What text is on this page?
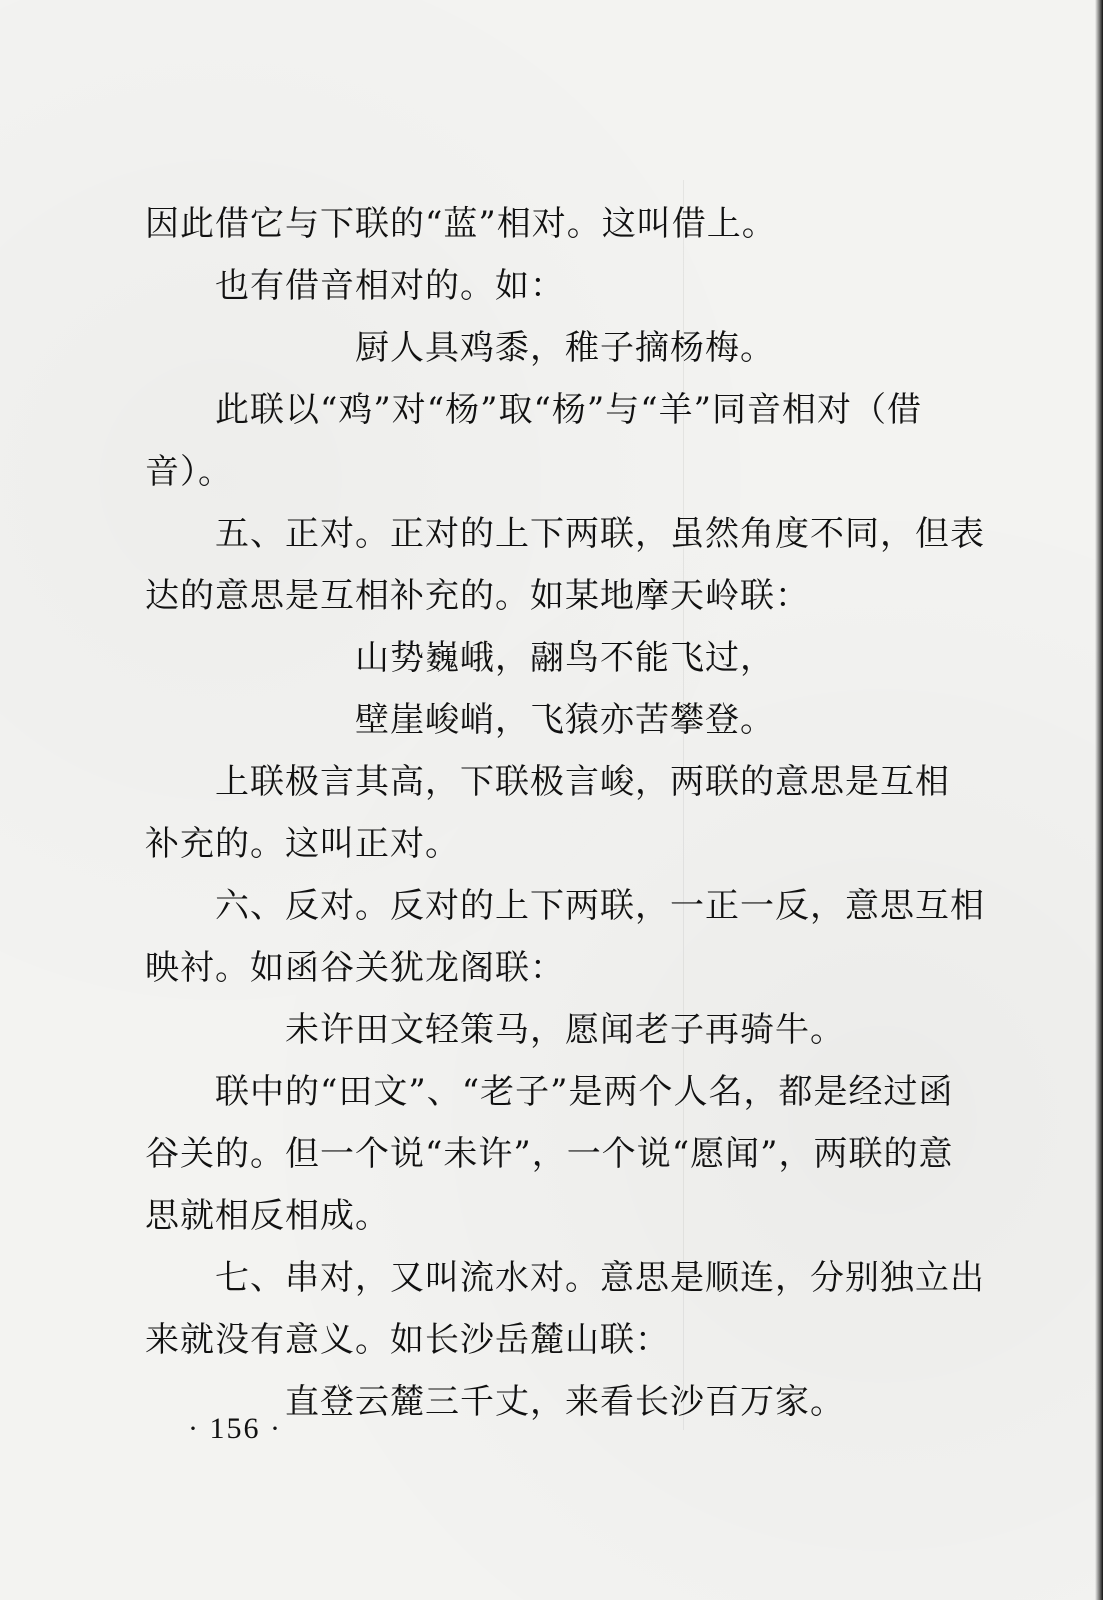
因此借它与下联的“蓝”相对。这叫借上。
也有借音相对的。如：
厨人具鸡黍，稚子摘杨梅。
此联以“鸡”对“杨”取“杨”与“羊”同音相对（借
音）。
五、正对。正对的上下两联，虽然角度不同，但表
达的意思是互相补充的。如某地摩天岭联：
山势巍峨，翮鸟不能飞过，
壁崖峻峭，飞猿亦苦攀登。
上联极言其高，下联极言峻，两联的意思是互相
补充的。这叫正对。
六、反对。反对的上下两联，一正一反，意思互相
映衬。如函谷关犹龙阁联：
未许田文轻策马，愿闻老子再骑牛。
联中的“田文”、“老子”是两个人名，都是经过函
谷关的。但一个说“未许”，一个说“愿闻”，两联的意
思就相反相成。
七、串对，又叫流水对。意思是顺连，分别独立出
来就没有意义。如长沙岳麓山联：
直登云麓三千丈，来看长沙百万家。
· 156 ·
